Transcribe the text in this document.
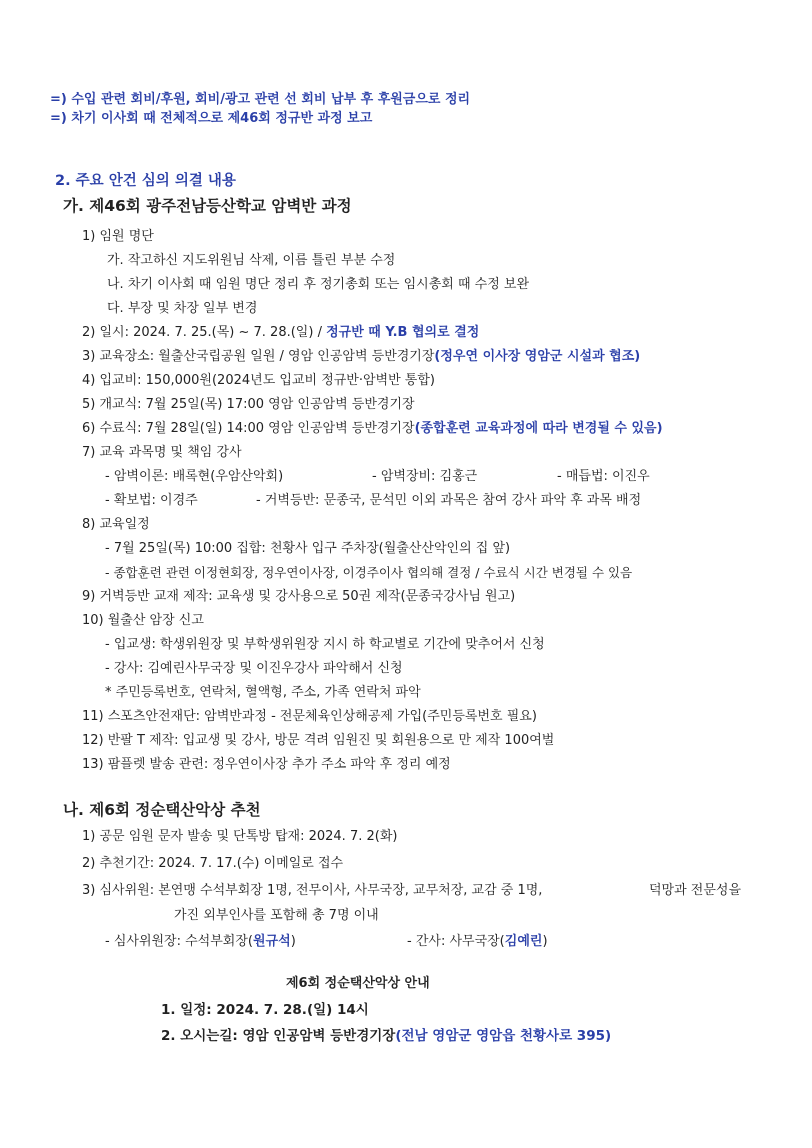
=) 수입 관련 회비/후원, 회비/광고 관련 선 회비 납부 후 후원금으로 정리
=) 차기 이사회 때 전체적으로 제46회 정규반 과정 보고
2. 주요 안건 심의 의결 내용
가. 제46회 광주전남등산학교 암벽반 과정
1) 임원 명단
가. 작고하신 지도위원님 삭제, 이름 틀린 부분 수정
나. 차기 이사회 때 임원 명단 정리 후 정기총회 또는 임시총회 때 수정 보완
다. 부장 및 차장 일부 변경
2) 일시: 2024. 7. 25.(목) ~ 7. 28.(일) / 정규반 때 Y.B 협의로 결정
3) 교육장소: 월출산국립공원 일원 / 영암 인공암벽 등반경기장(정우연 이사장 영암군 시설과 협조)
4) 입교비: 150,000원(2024년도 입교비 정규반·암벽반 통합)
5) 개교식: 7월 25일(목) 17:00 영암 인공암벽 등반경기장
6) 수료식: 7월 28일(일) 14:00 영암 인공암벽 등반경기장(종합훈련 교육과정에 따라 변경될 수 있음)
7) 교육 과목명 및 책임 강사
- 암벽이론: 배록현(우암산악회)	- 암벽장비: 김홍근	- 매듭법: 이진우
- 확보법: 이경주	- 거벽등반: 문종국, 문석민 이외 과목은 참여 강사 파악 후 과목 배정
8) 교육일정
- 7월 25일(목) 10:00 집합: 천황사 입구 주차장(월출산산악인의 집 앞)
- 종합훈련 관련 이정현회장, 정우연이사장, 이경주이사 협의해 결정 / 수료식 시간 변경될 수 있음
9) 거벽등반 교재 제작: 교육생 및 강사용으로 50권 제작(문종국강사님 원고)
10) 월출산 암장 신고
- 입교생: 학생위원장 및 부학생위원장 지시 하 학교별로 기간에 맞추어서 신청
- 강사: 김예린사무국장 및 이진우강사 파악해서 신청
* 주민등록번호, 연락처, 혈액형, 주소, 가족 연락처 파악
11) 스포츠안전재단: 암벽반과정 - 전문체육인상해공제 가입(주민등록번호 필요)
12) 반팔 T 제작: 입교생 및 강사, 방문 격려 임원진 및 회원용으로 만 제작 100여벌
13) 팜플렛 발송 관련: 정우연이사장 추가 주소 파악 후 정리 예정
나. 제6회 정순택산악상 추천
1) 공문 임원 문자 발송 및 단톡방 탑재: 2024. 7. 2(화)
2) 추천기간: 2024. 7. 17.(수) 이메일로 접수
3) 심사위원: 본연맹 수석부회장 1명, 전무이사, 사무국장, 교무처장, 교감 중 1명,	덕망과 전문성을
가진 외부인사를 포함해 총 7명 이내
- 심사위원장: 수석부회장(원규석)	- 간사: 사무국장(김예린)
제6회 정순택산악상 안내
1. 일정: 2024. 7. 28.(일) 14시
2. 오시는길: 영암 인공암벽 등반경기장(전남 영암군 영암읍 천황사로 395)
